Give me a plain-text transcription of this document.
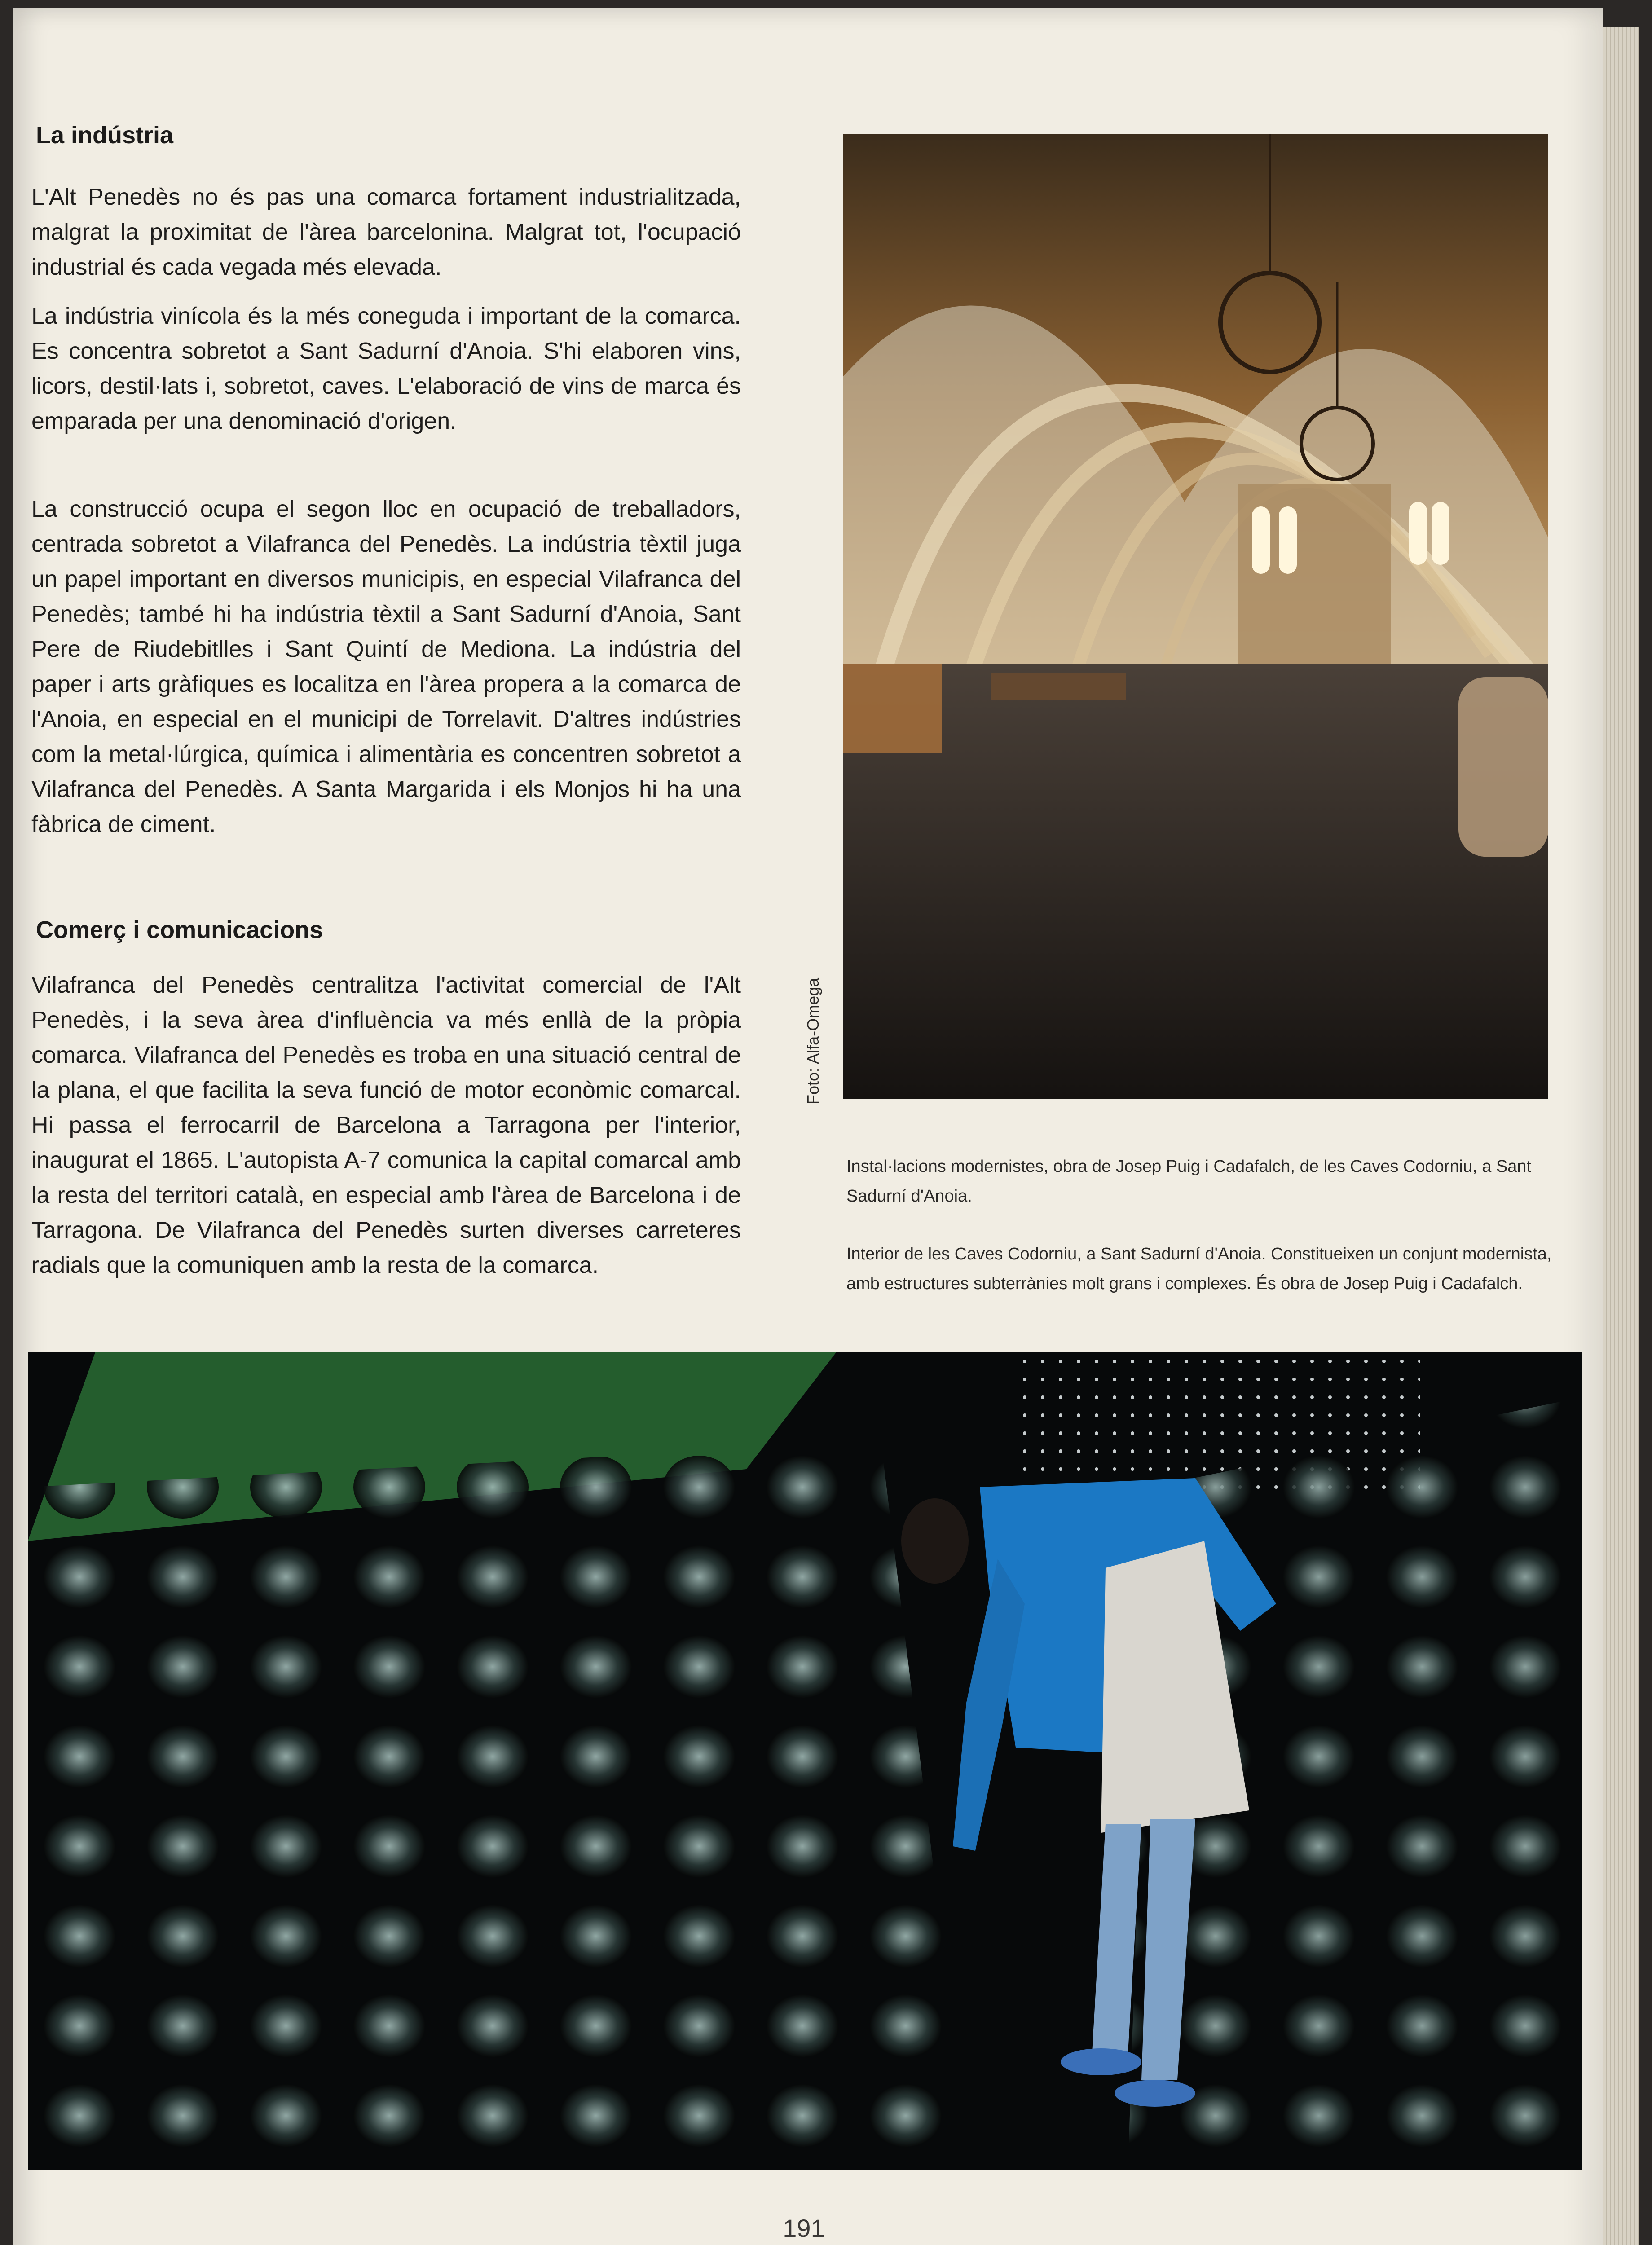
La indústria

L'Alt Penedès no és pas una comarca fortament industrialitzada, malgrat la proximitat de l'àrea barcelonina. Malgrat tot, l'ocupació industrial és cada vegada més elevada.

La indústria vinícola és la més coneguda i important de la comarca. Es concentra sobretot a Sant Sadurní d'Anoia. S'hi elaboren vins, licors, destil·lats i, sobretot, caves. L'elaboració de vins de marca és emparada per una denominació d'origen.

La construcció ocupa el segon lloc en ocupació de treballadors, centrada sobretot a Vilafranca del Penedès. La indústria tèxtil juga un papel important en diversos municipis, en especial Vilafranca del Penedès; també hi ha indústria tèxtil a Sant Sadurní d'Anoia, Sant Pere de Riudebitlles i Sant Quintí de Mediona. La indústria del paper i arts gràfiques es localitza en l'àrea propera a la comarca de l'Anoia, en especial en el municipi de Torrelavit. D'altres indústries com la metal·lúrgica, química i alimentària es concentren sobretot a Vilafranca del Penedès. A Santa Margarida i els Monjos hi ha una fàbrica de ciment.

Comerç i comunicacions

Vilafranca del Penedès centralitza l'activitat comercial de l'Alt Penedès, i la seva àrea d'influència va més enllà de la pròpia comarca. Vilafranca del Penedès es troba en una situació central de la plana, el que facilita la seva funció de motor econòmic comarcal. Hi passa el ferrocarril de Barcelona a Tarragona per l'interior, inaugurat el 1865. L'autopista A-7 comunica la capital comarcal amb la resta del territori català, en especial amb l'àrea de Barcelona i de Tarragona. De Vilafranca del Penedès surten diverses carreteres radials que la comuniquen amb la resta de la comarca.

Foto: Alfa-Omega

Instal·lacions modernistes, obra de Josep Puig i Cadafalch, de les Caves Codorniu, a Sant Sadurní d'Anoia.

Interior de les Caves Codorniu, a Sant Sadurní d'Anoia. Constitueixen un conjunt modernista, amb estructures subterrànies molt grans i complexes. És obra de Josep Puig i Cadafalch.

191
